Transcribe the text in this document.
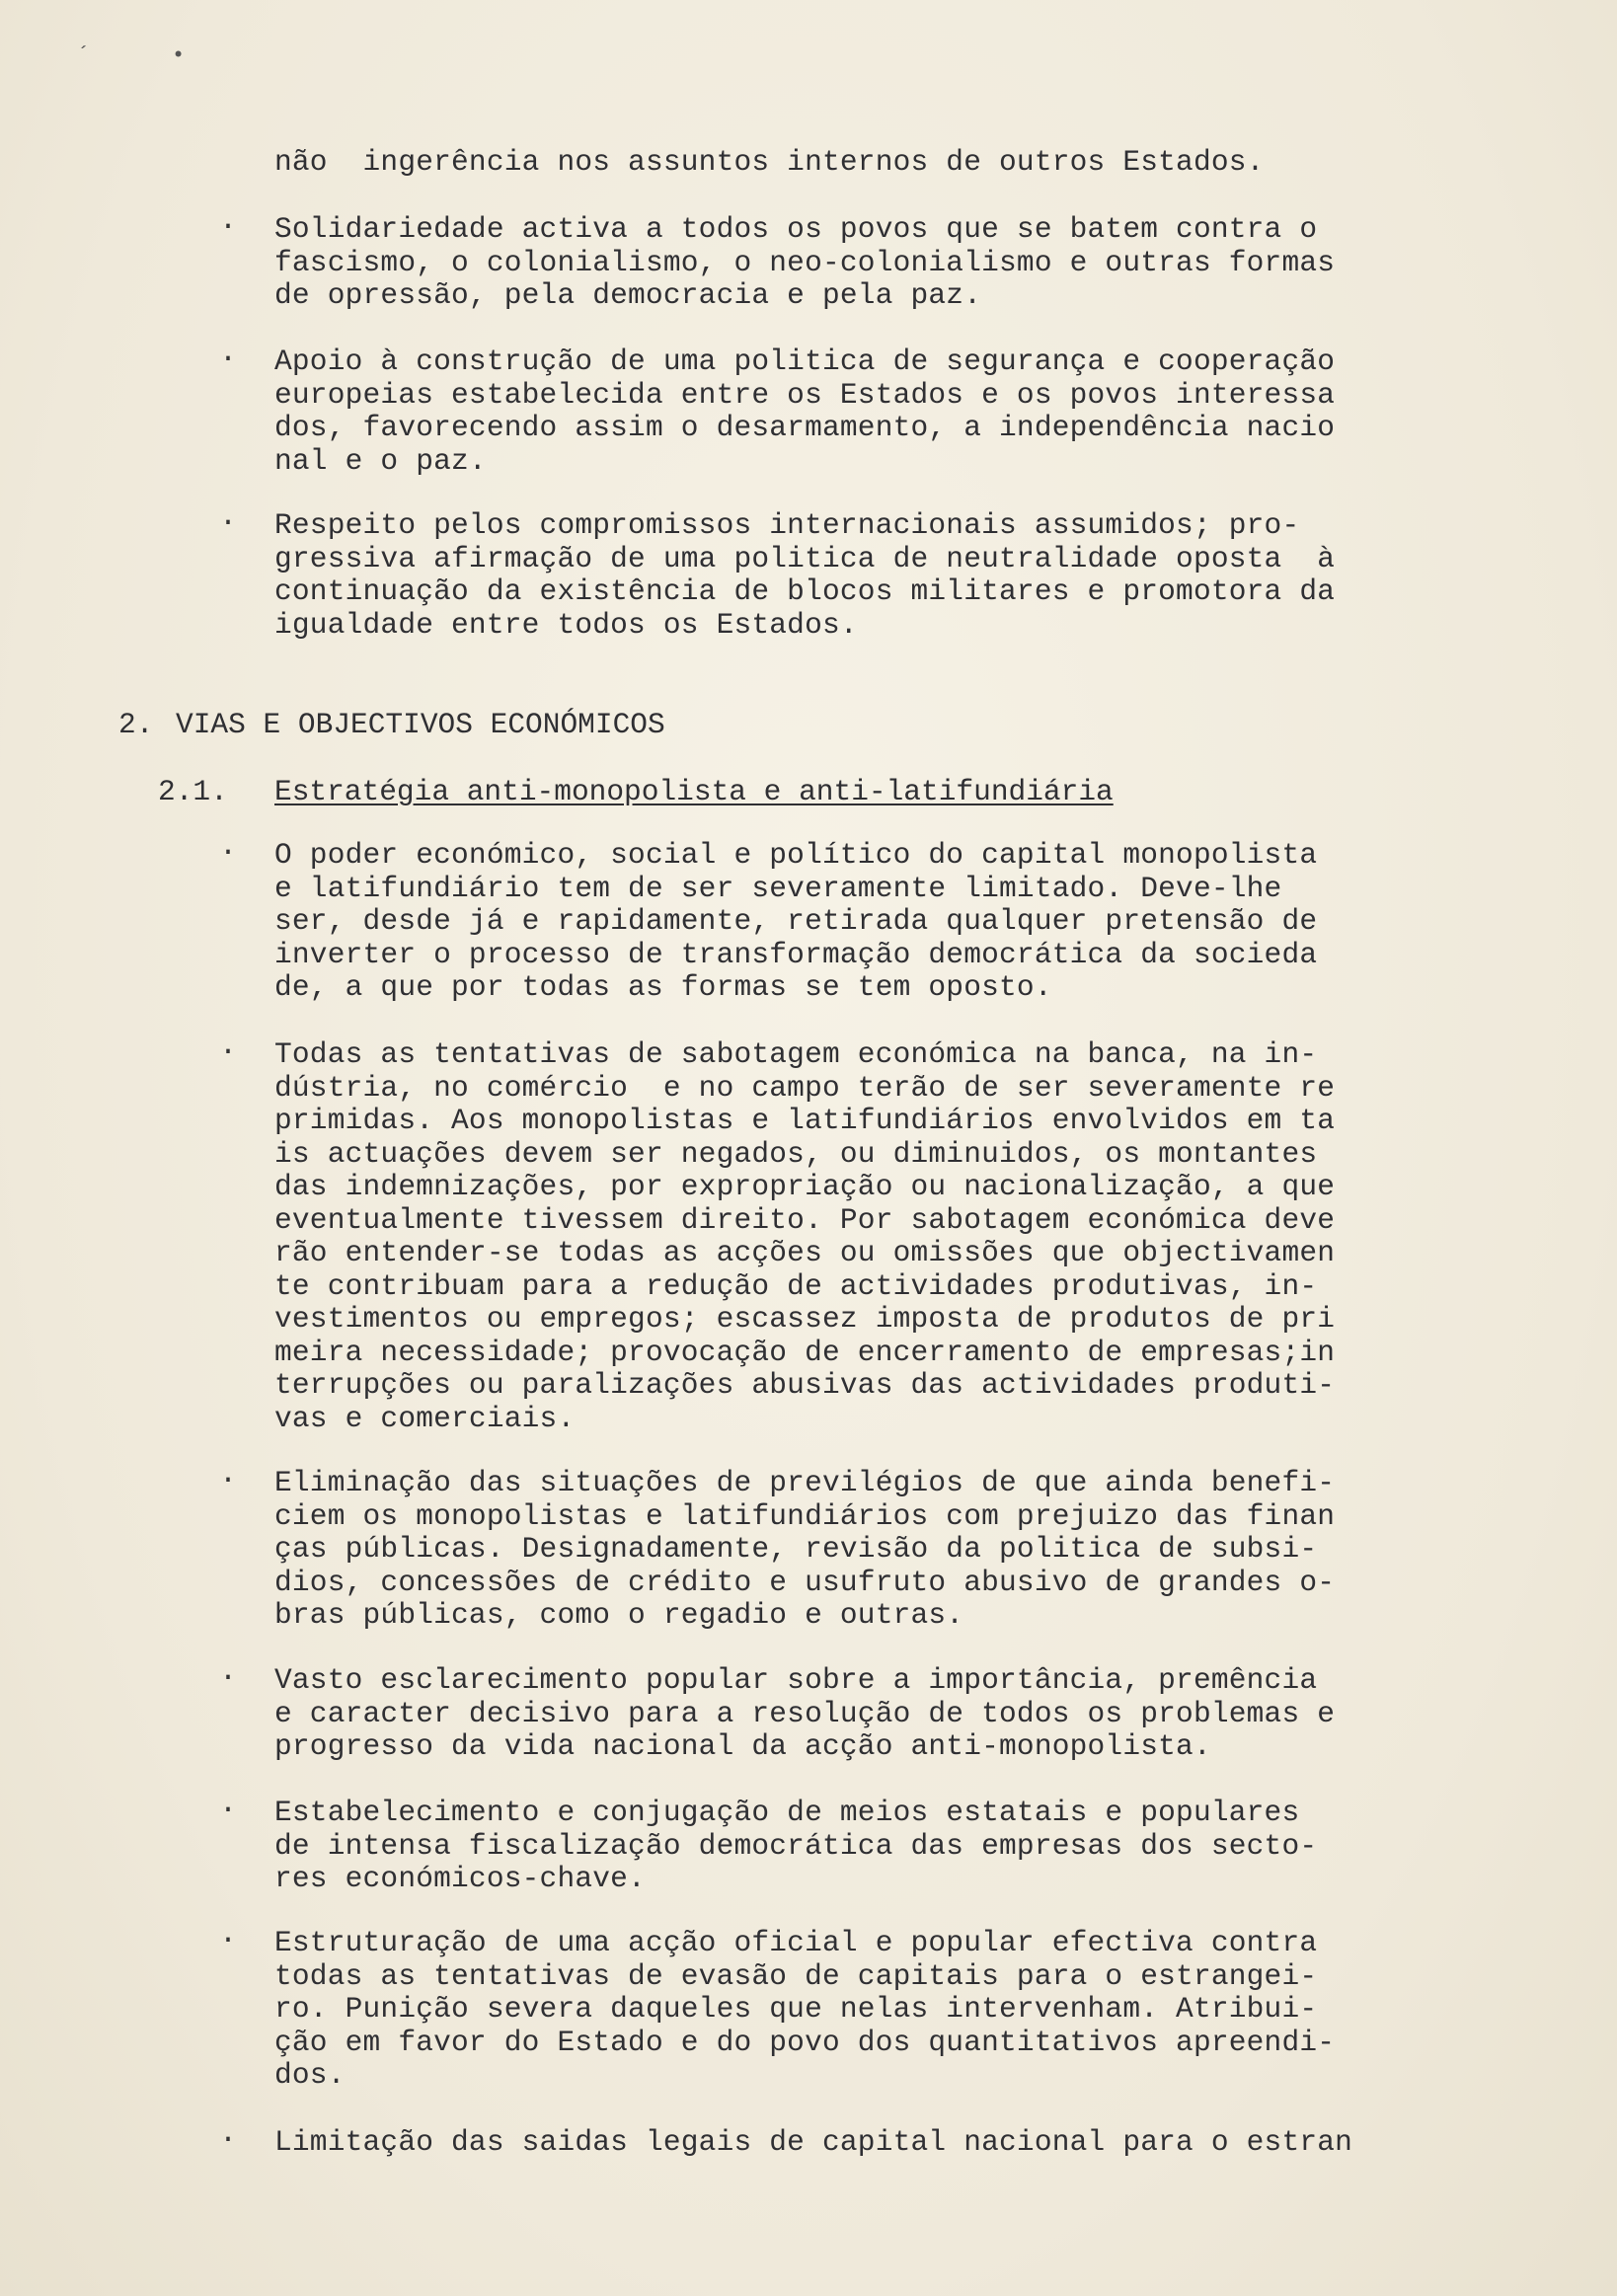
´	•
não  ingerência nos assuntos internos de outros Estados.
. Solidariedade activa a todos os povos que se batem contra o
fascismo, o colonialismo, o neo-colonialismo e outras formas
de opressão, pela democracia e pela paz.
. Apoio à construção de uma politica de segurança e cooperação
europeias estabelecida entre os Estados e os povos interessa
dos, favorecendo assim o desarmamento, a independência nacio
nal e o paz.
. Respeito pelos compromissos internacionais assumidos; pro-
gressiva afirmação de uma politica de neutralidade oposta  à
continuação da existência de blocos militares e promotora da
igualdade entre todos os Estados.
2. VIAS E OBJECTIVOS ECONÓMICOS
2.1. Estratégia anti-monopolista e anti-latifundiária
. O poder económico, social e político do capital monopolista
e latifundiário tem de ser severamente limitado. Deve-lhe
ser, desde já e rapidamente, retirada qualquer pretensão de
inverter o processo de transformação democrática da socieda
de, a que por todas as formas se tem oposto.
. Todas as tentativas de sabotagem económica na banca, na in-
dústria, no comércio  e no campo terão de ser severamente re
primidas. Aos monopolistas e latifundiários envolvidos em ta
is actuações devem ser negados, ou diminuidos, os montantes
das indemnizações, por expropriação ou nacionalização, a que
eventualmente tivessem direito. Por sabotagem económica deve
rão entender-se todas as acções ou omissões que objectivamen
te contribuam para a redução de actividades produtivas, in-
vestimentos ou empregos; escassez imposta de produtos de pri
meira necessidade; provocação de encerramento de empresas;in
terrupções ou paralizações abusivas das actividades produti-
vas e comerciais.
. Eliminação das situações de previlégios de que ainda benefi-
ciem os monopolistas e latifundiários com prejuizo das finan
ças públicas. Designadamente, revisão da politica de subsi-
dios, concessões de crédito e usufruto abusivo de grandes o-
bras públicas, como o regadio e outras.
. Vasto esclarecimento popular sobre a importância, premência
e caracter decisivo para a resolução de todos os problemas e
progresso da vida nacional da acção anti-monopolista.
. Estabelecimento e conjugação de meios estatais e populares
de intensa fiscalização democrática das empresas dos secto-
res económicos-chave.
. Estruturação de uma acção oficial e popular efectiva contra
todas as tentativas de evasão de capitais para o estrangei-
ro. Punição severa daqueles que nelas intervenham. Atribui-
ção em favor do Estado e do povo dos quantitativos apreendi-
dos.
. Limitação das saidas legais de capital nacional para o estran
